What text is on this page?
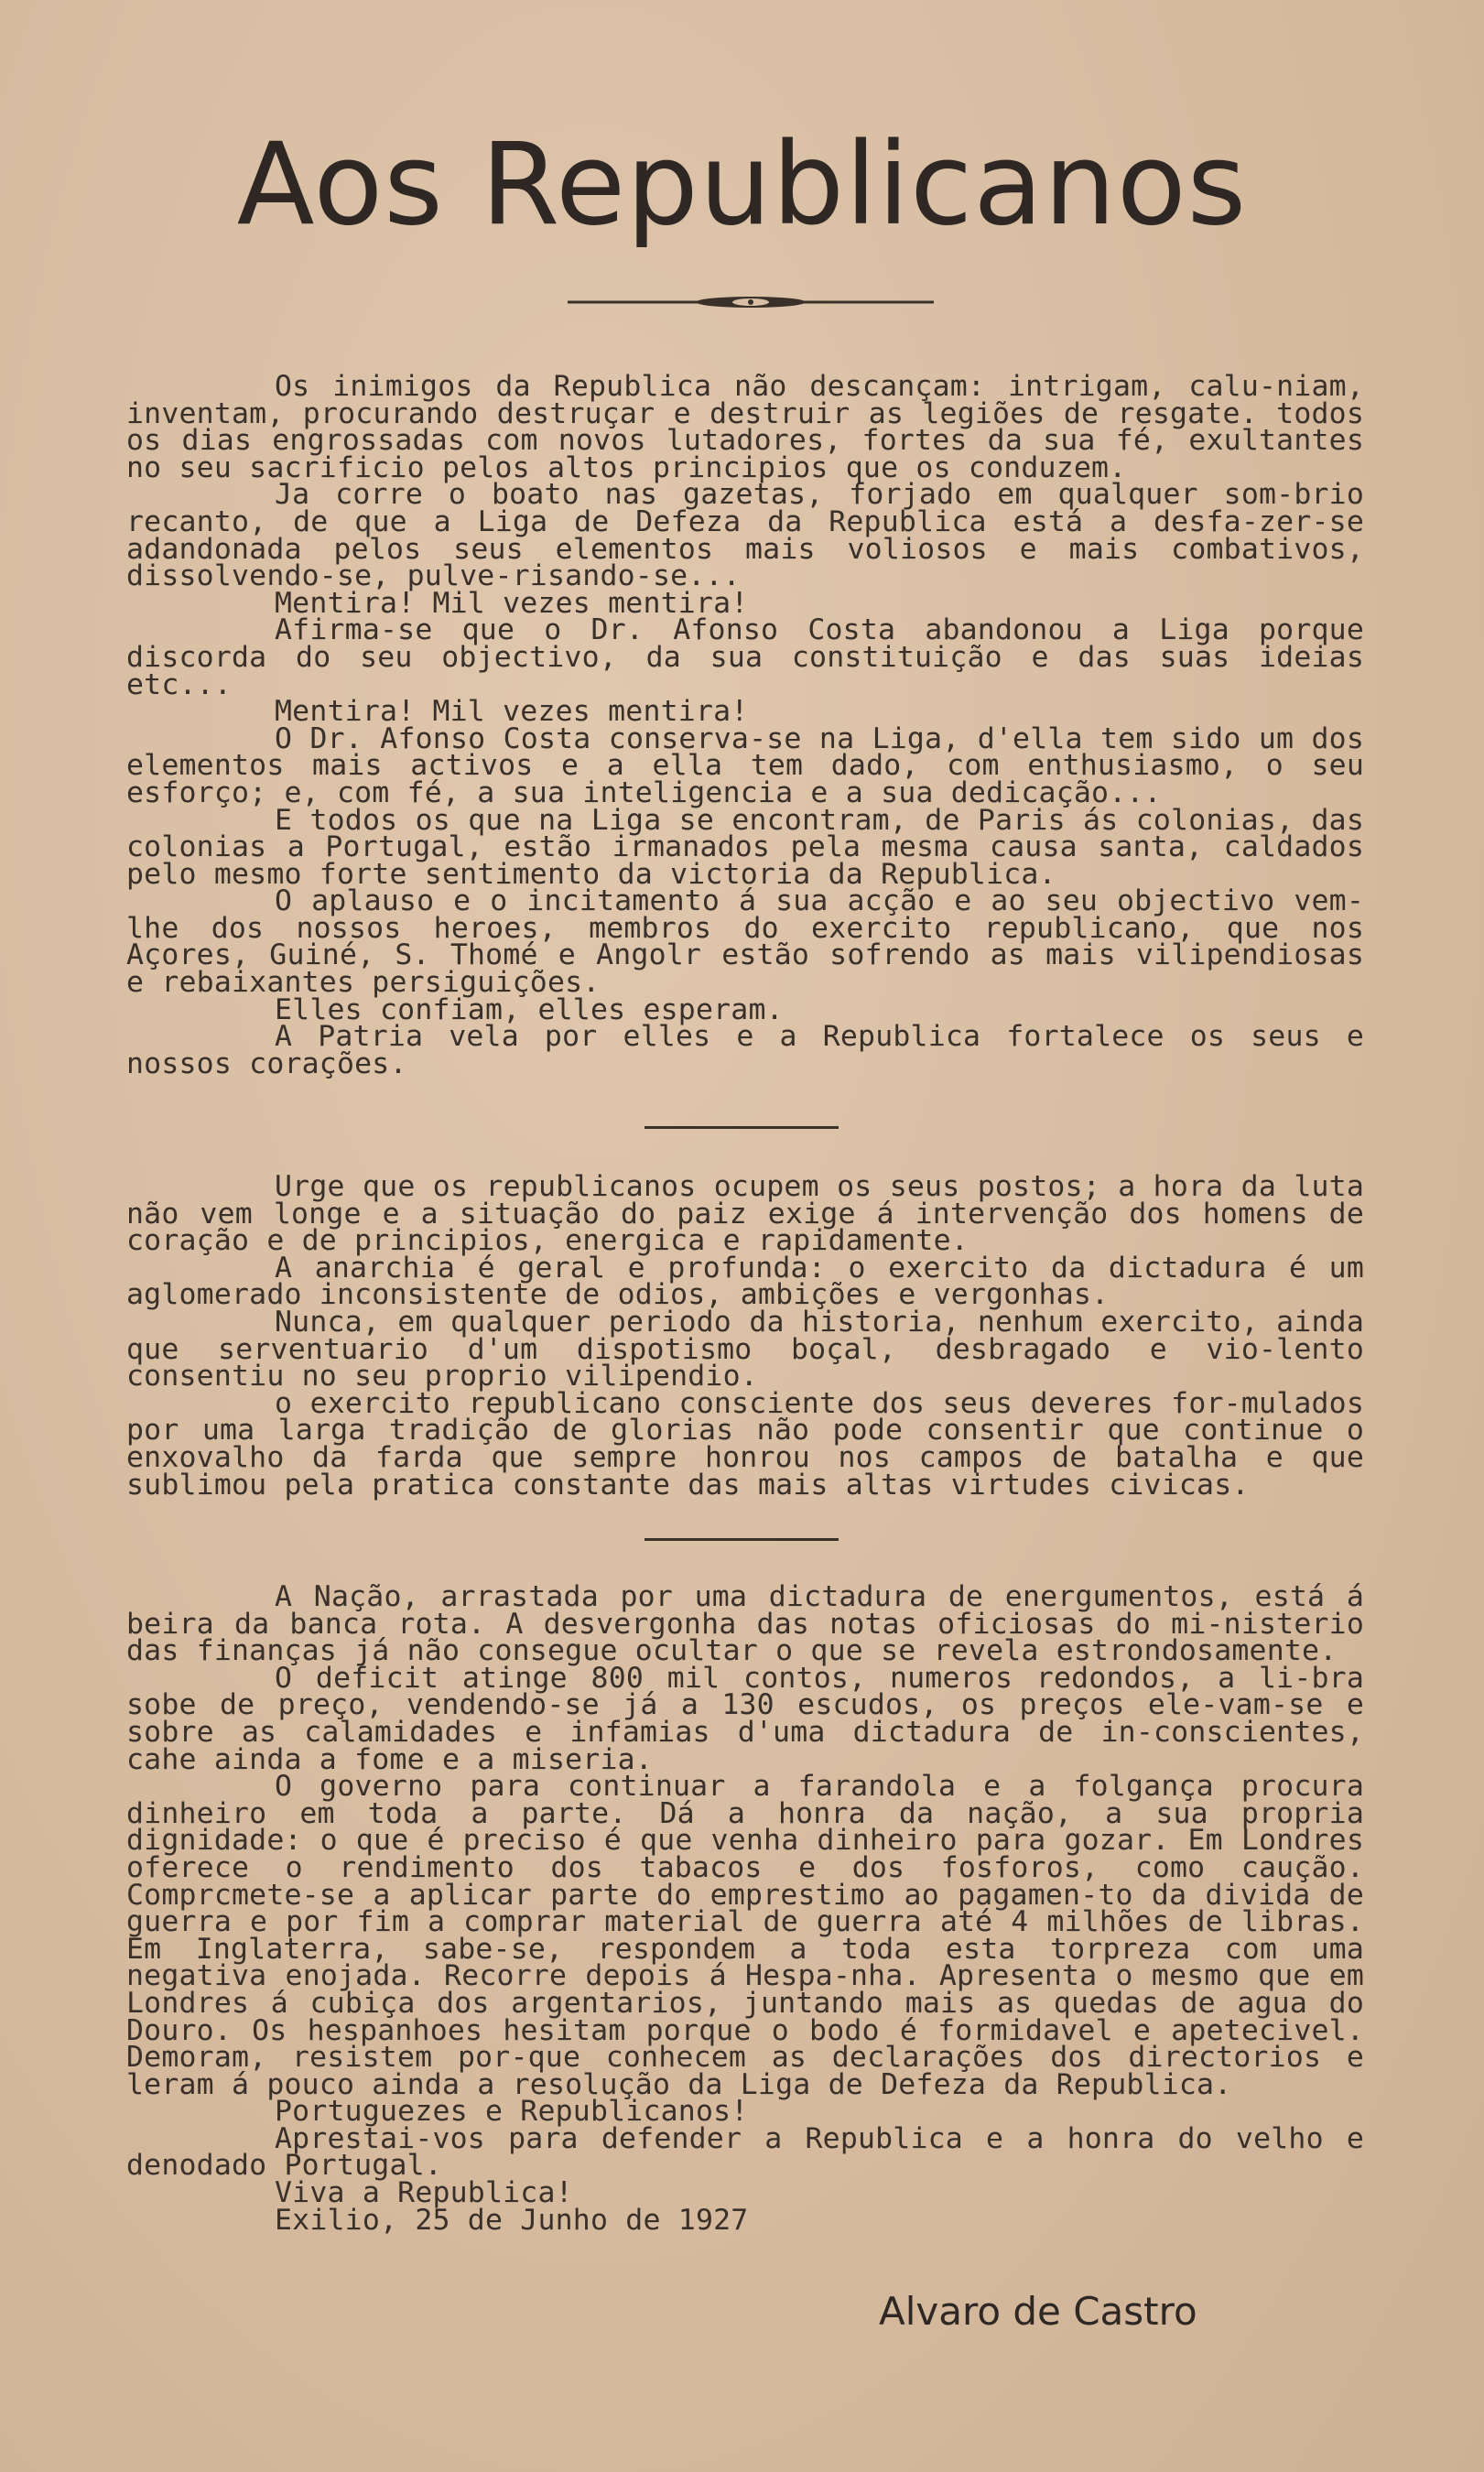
Aos Republicanos

Os inimigos da Republica não descançam: intrigam, calu-niam, inventam, procurando destruçar e destruir as legiões de resgate. todos os dias engrossadas com novos lutadores, fortes da sua fé, exultantes no seu sacrificio pelos altos principios que os conduzem.

Ja corre o boato nas gazetas, forjado em qualquer som-brio recanto, de que a Liga de Defeza da Republica está a desfa-zer-se adandonada pelos seus elementos mais voliosos e mais combativos, dissolvendo-se, pulve-risando-se...

Mentira! Mil vezes mentira!

Afirma-se que o Dr. Afonso Costa abandonou a Liga porque discorda do seu objectivo, da sua constituição e das suas ideias etc...

Mentira! Mil vezes mentira!

O Dr. Afonso Costa conserva-se na Liga, d'ella tem sido um dos elementos mais activos e a ella tem dado, com enthusiasmo, o seu esforço; e, com fé, a sua inteligencia e a sua dedicação...

E todos os que na Liga se encontram, de Paris ás colonias, das colonias a Portugal, estão irmanados pela mesma causa santa, caldados pelo mesmo forte sentimento da victoria da Republica.

O aplauso e o incitamento á sua acção e ao seu objectivo vem-lhe dos nossos heroes, membros do exercito republicano, que nos Açores, Guiné, S. Thomé e Angolr estão sofrendo as mais vilipendiosas e rebaixantes persiguições.

Elles confiam, elles esperam.

A Patria vela por elles e a Republica fortalece os seus e nossos corações.

Urge que os republicanos ocupem os seus postos; a hora da luta não vem longe e a situação do paiz exige á intervenção dos homens de coração e de principios, energica e rapidamente.

A anarchia é geral e profunda: o exercito da dictadura é um aglomerado inconsistente de odios, ambições e vergonhas.

Nunca, em qualquer periodo da historia, nenhum exercito, ainda que serventuario d'um dispotismo boçal, desbragado e vio-lento consentiu no seu proprio vilipendio.

o exercito republicano consciente dos seus deveres for-mulados por uma larga tradição de glorias não pode consentir que continue o enxovalho da farda que sempre honrou nos campos de batalha e que sublimou pela pratica constante das mais altas virtudes civicas.

A Nação, arrastada por uma dictadura de energumentos, está á beira da banca rota. A desvergonha das notas oficiosas do mi-nisterio das finanças já não consegue ocultar o que se revela estrondosamente.

O deficit atinge 800 mil contos, numeros redondos, a li-bra sobe de preço, vendendo-se já a 130 escudos, os preços ele-vam-se e sobre as calamidades e infamias d'uma dictadura de in-conscientes, cahe ainda a fome e a miseria.

O governo para continuar a farandola e a folgança procura dinheiro em toda a parte. Dá a honra da nação, a sua propria dignidade: o que é preciso é que venha dinheiro para gozar. Em Londres oferece o rendimento dos tabacos e dos fosforos, como caução. Comprcmete-se a aplicar parte do emprestimo ao pagamen-to da divida de guerra e por fim a comprar material de guerra até 4 milhões de libras. Em Inglaterra, sabe-se, respondem a toda esta torpreza com uma negativa enojada. Recorre depois á Hespa-nha. Apresenta o mesmo que em Londres á cubiça dos argentarios, juntando mais as quedas de agua do Douro. Os hespanhoes hesitam porque o bodo é formidavel e apetecivel. Demoram, resistem por-que conhecem as declarações dos directorios e leram á pouco ainda a resolução da Liga de Defeza da Republica.

Portuguezes e Republicanos!

Aprestai-vos para defender a Republica e a honra do velho e denodado Portugal.

Viva a Republica!

Exilio, 25 de Junho de 1927

Alvaro de Castro
